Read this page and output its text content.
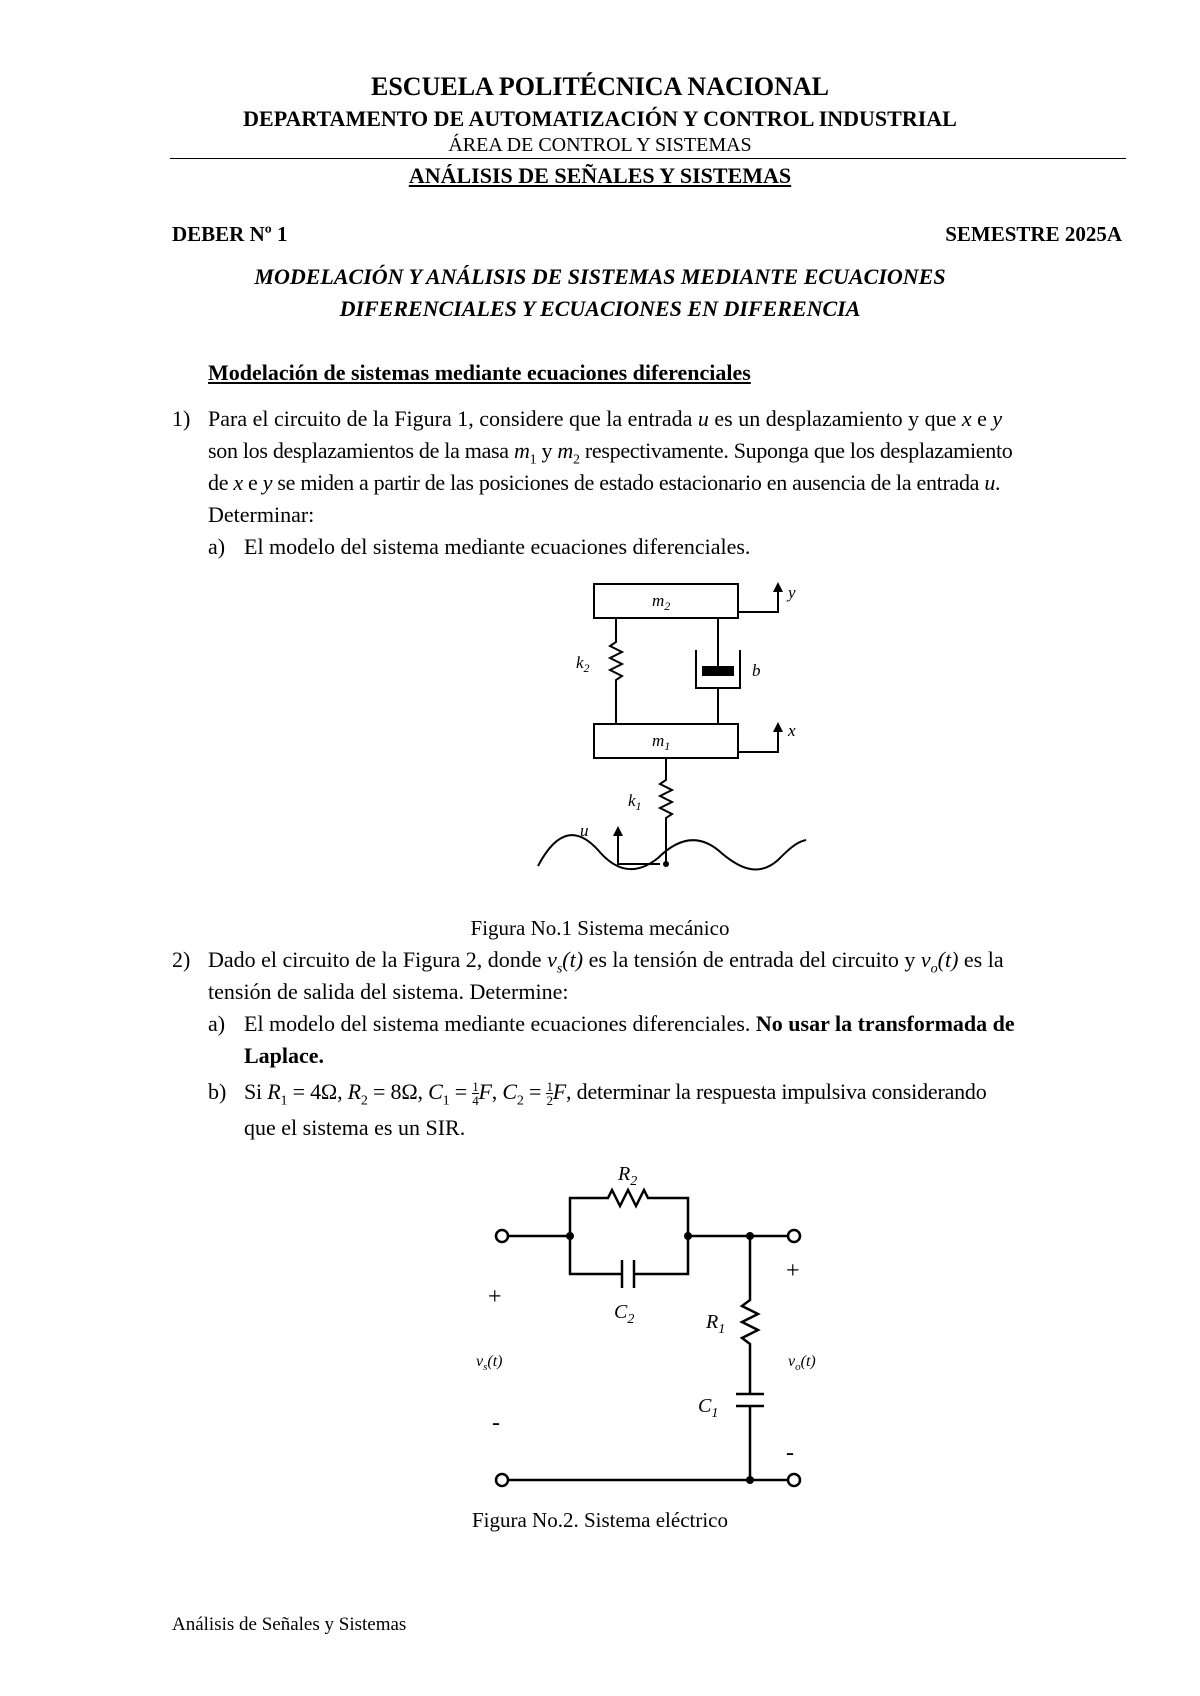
ESCUELA POLITÉCNICA NACIONAL
DEPARTAMENTO DE AUTOMATIZACIÓN Y CONTROL INDUSTRIAL
ÁREA DE CONTROL Y SISTEMAS
ANÁLISIS DE SEÑALES Y SISTEMAS
DEBER Nº 1	SEMESTRE 2025A
MODELACIÓN Y ANÁLISIS DE SISTEMAS MEDIANTE ECUACIONES
DIFERENCIALES Y ECUACIONES EN DIFERENCIA
Modelación de sistemas mediante ecuaciones diferenciales
1) Para el circuito de la Figura 1, considere que la entrada u es un desplazamiento y que x e y
son los desplazamientos de la masa $m_1$ y $m_2$ respectivamente. Suponga que los desplazamiento
de x e y se miden a partir de las posiciones de estado estacionario en ausencia de la entrada u.
Determinar:
a) El modelo del sistema mediante ecuaciones diferenciales.
$m_2$
$m_1$
$k_2$
$k_1$
b
y
x
u
Figura No.1 Sistema mecánico
2) Dado el circuito de la Figura 2, donde $v_s(t)$ es la tensión de entrada del circuito y $v_o(t)$ es la
tensión de salida del sistema. Determine:
a) El modelo del sistema mediante ecuaciones diferenciales. No usar la transformada de
Laplace.
b) Si $R_1 = 4\Omega$, $R_2 = 8\Omega$, $C_1 = \frac{1}{4} F$, $C_2 = \frac{1}{2} F$, determinar la respuesta impulsiva considerando
que el sistema es un SIR.
$R_2$
$C_2$	$R_1$
$C_1$
+
-
+
-
$v_s(t)$	$v_o(t)$
Figura No.2. Sistema eléctrico
Análisis de Señales y Sistemas
